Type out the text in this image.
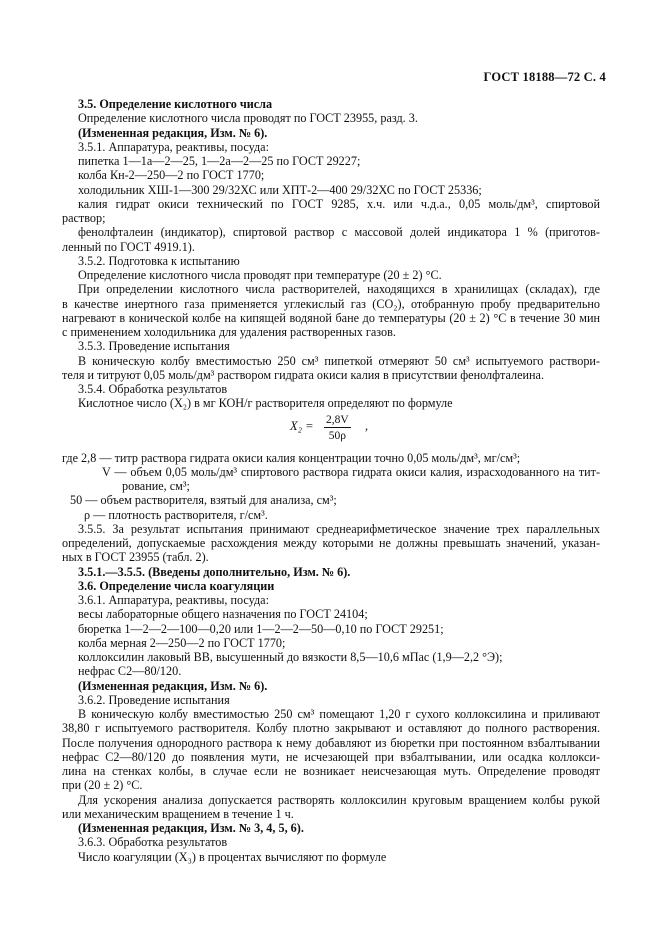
ГОСТ 18188—72 С. 4
3.5. Определение кислотного числа
Определение кислотного числа проводят по ГОСТ 23955, разд. 3.
(Измененная редакция, Изм. № 6).
3.5.1. Аппаратура, реактивы, посуда:
пипетка 1—1а—2—25, 1—2а—2—25 по ГОСТ 29227;
колба Кн-2—250—2 по ГОСТ 1770;
холодильник ХШ-1—300 29/32ХС или ХПТ-2—400 29/32ХС по ГОСТ 25336;
калия гидрат окиси технический по ГОСТ 9285, х.ч. или ч.д.а., 0,05 моль/дм³, спиртовой
раствор;
фенолфталеин (индикатор), спиртовой раствор с массовой долей индикатора 1 % (приготов-
ленный по ГОСТ 4919.1).
3.5.2. Подготовка к испытанию
Определение кислотного числа проводят при температуре (20 ± 2) °С.
При определении кислотного числа растворителей, находящихся в хранилищах (складах), где
в качестве инертного газа применяется углекислый газ (CO₂), отобранную пробу предварительно
нагревают в конической колбе на кипящей водяной бане до температуры (20 ± 2) °С в течение 30 мин
с применением холодильника для удаления растворенных газов.
3.5.3. Проведение испытания
В коническую колбу вместимостью 250 см³ пипеткой отмеряют 50 см³ испытуемого раствори-
теля и титруют 0,05 моль/дм³ раствором гидрата окиси калия в присутствии фенолфталеина.
3.5.4. Обработка результатов
Кислотное число (X₂) в мг КОН/г растворителя определяют по формуле
$X_2 = \frac{2,8V}{50\rho}$ ,
где 2,8 — титр раствора гидрата окиси калия концентрации точно 0,05 моль/дм³, мг/см³;
V — объем 0,05 моль/дм³ спиртового раствора гидрата окиси калия, израсходованного на тит-
рование, см³;
50 — объем растворителя, взятый для анализа, см³;
ρ — плотность растворителя, г/см³.
3.5.5. За результат испытания принимают среднеарифметическое значение трех параллельных
определений, допускаемые расхождения между которыми не должны превышать значений, указан-
ных в ГОСТ 23955 (табл. 2).
3.5.1.—3.5.5. (Введены дополнительно, Изм. № 6).
3.6. Определение числа коагуляции
3.6.1. Аппаратура, реактивы, посуда:
весы лабораторные общего назначения по ГОСТ 24104;
бюретка 1—2—2—100—0,20 или 1—2—2—50—0,10 по ГОСТ 29251;
колба мерная 2—250—2 по ГОСТ 1770;
коллоксилин лаковый ВВ, высушенный до вязкости 8,5—10,6 мПас (1,9—2,2 °Э);
нефрас С2—80/120.
(Измененная редакция, Изм. № 6).
3.6.2. Проведение испытания
В коническую колбу вместимостью 250 см³ помещают 1,20 г сухого коллоксилина и приливают
38,80 г испытуемого растворителя. Колбу плотно закрывают и оставляют до полного растворения.
После получения однородного раствора к нему добавляют из бюретки при постоянном взбалтывании
нефрас С2—80/120 до появления мути, не исчезающей при взбалтывании, или осадка коллокси-
лина на стенках колбы, в случае если не возникает неисчезающая муть. Определение проводят
при (20 ± 2) °С.
Для ускорения анализа допускается растворять коллоксилин круговым вращением колбы рукой
или механическим вращением в течение 1 ч.
(Измененная редакция, Изм. № 3, 4, 5, 6).
3.6.3. Обработка результатов
Число коагуляции (X₃) в процентах вычисляют по формуле
